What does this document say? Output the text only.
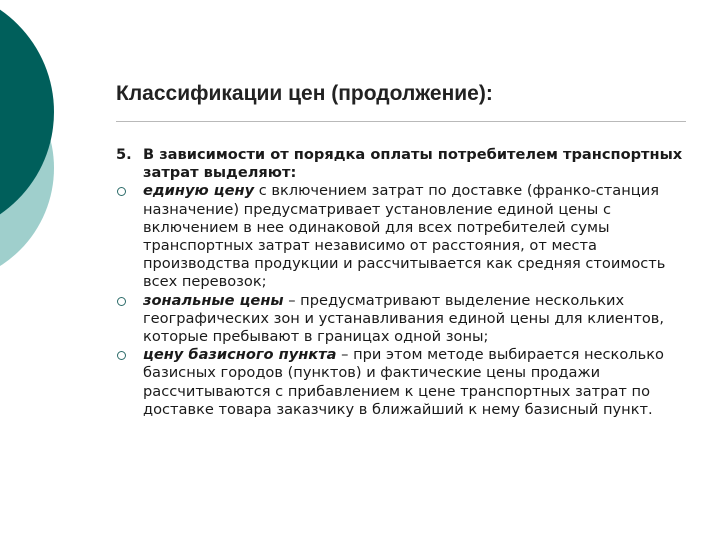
Классификации цен (продолжение):
5. В зависимости от порядка оплаты потребителем транспортных затрат выделяют:
единую цену с включением затрат по доставке (франко-станция назначение) предусматривает установление единой цены с включением в нее одинаковой для всех потребителей сумы транспортных затрат независимо от расстояния, от места производства продукции и рассчитывается как средняя стоимость всех перевозок;
зональные цены – предусматривают выделение нескольких географических зон и устанавливания единой цены для клиентов, которые пребывают в границах одной зоны;
цену базисного пункта – при этом методе выбирается несколько базисных городов (пунктов) и фактические цены продажи рассчитываются с прибавлением к цене транспортных затрат по доставке товара заказчику в ближайший к нему базисный пункт.
